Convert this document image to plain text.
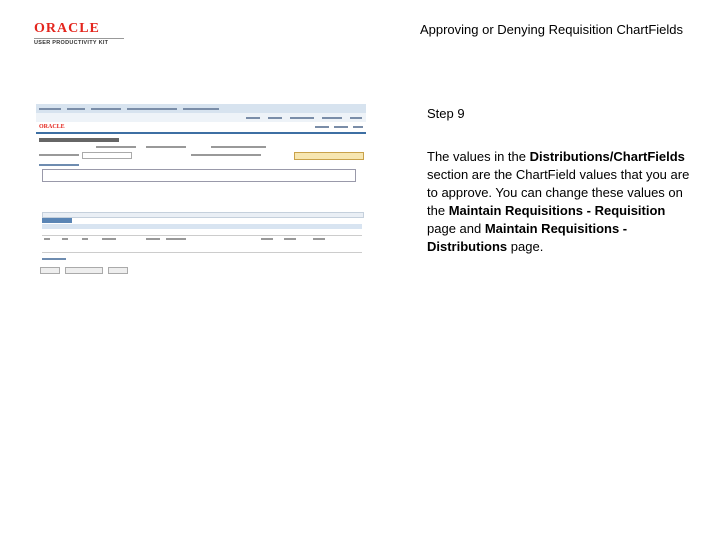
ORACLE
USER PRODUCTIVITY KIT
Approving or Denying Requisition ChartFields
ORACLE
Step 9
The values in the Distributions/ChartFields section are the ChartField values that you are to approve. You can change these values on the Maintain Requisitions - Requisition page and Maintain Requisitions - Distributions page.
